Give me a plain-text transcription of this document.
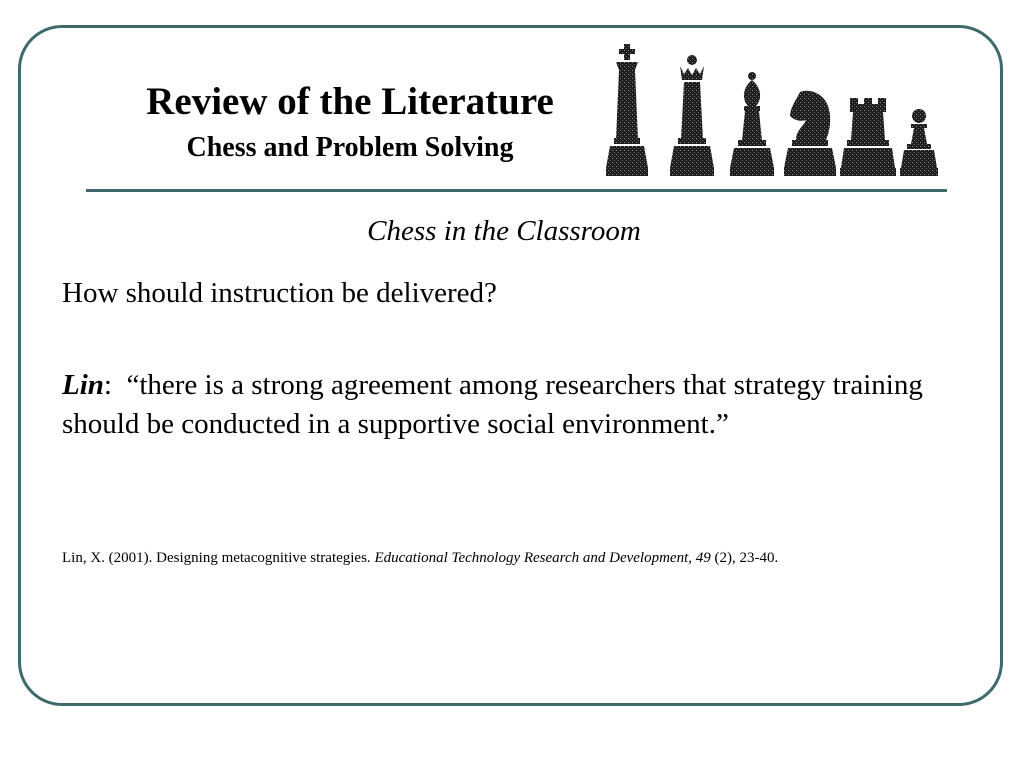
Review of the Literature
Chess and Problem Solving
Chess in the Classroom
How should instruction be delivered?
Lin: “there is a strong agreement among researchers that strategy training should be conducted in a supportive social environment.”
Lin, X. (2001). Designing metacognitive strategies. Educational Technology Research and Development, 49 (2), 23-40.
